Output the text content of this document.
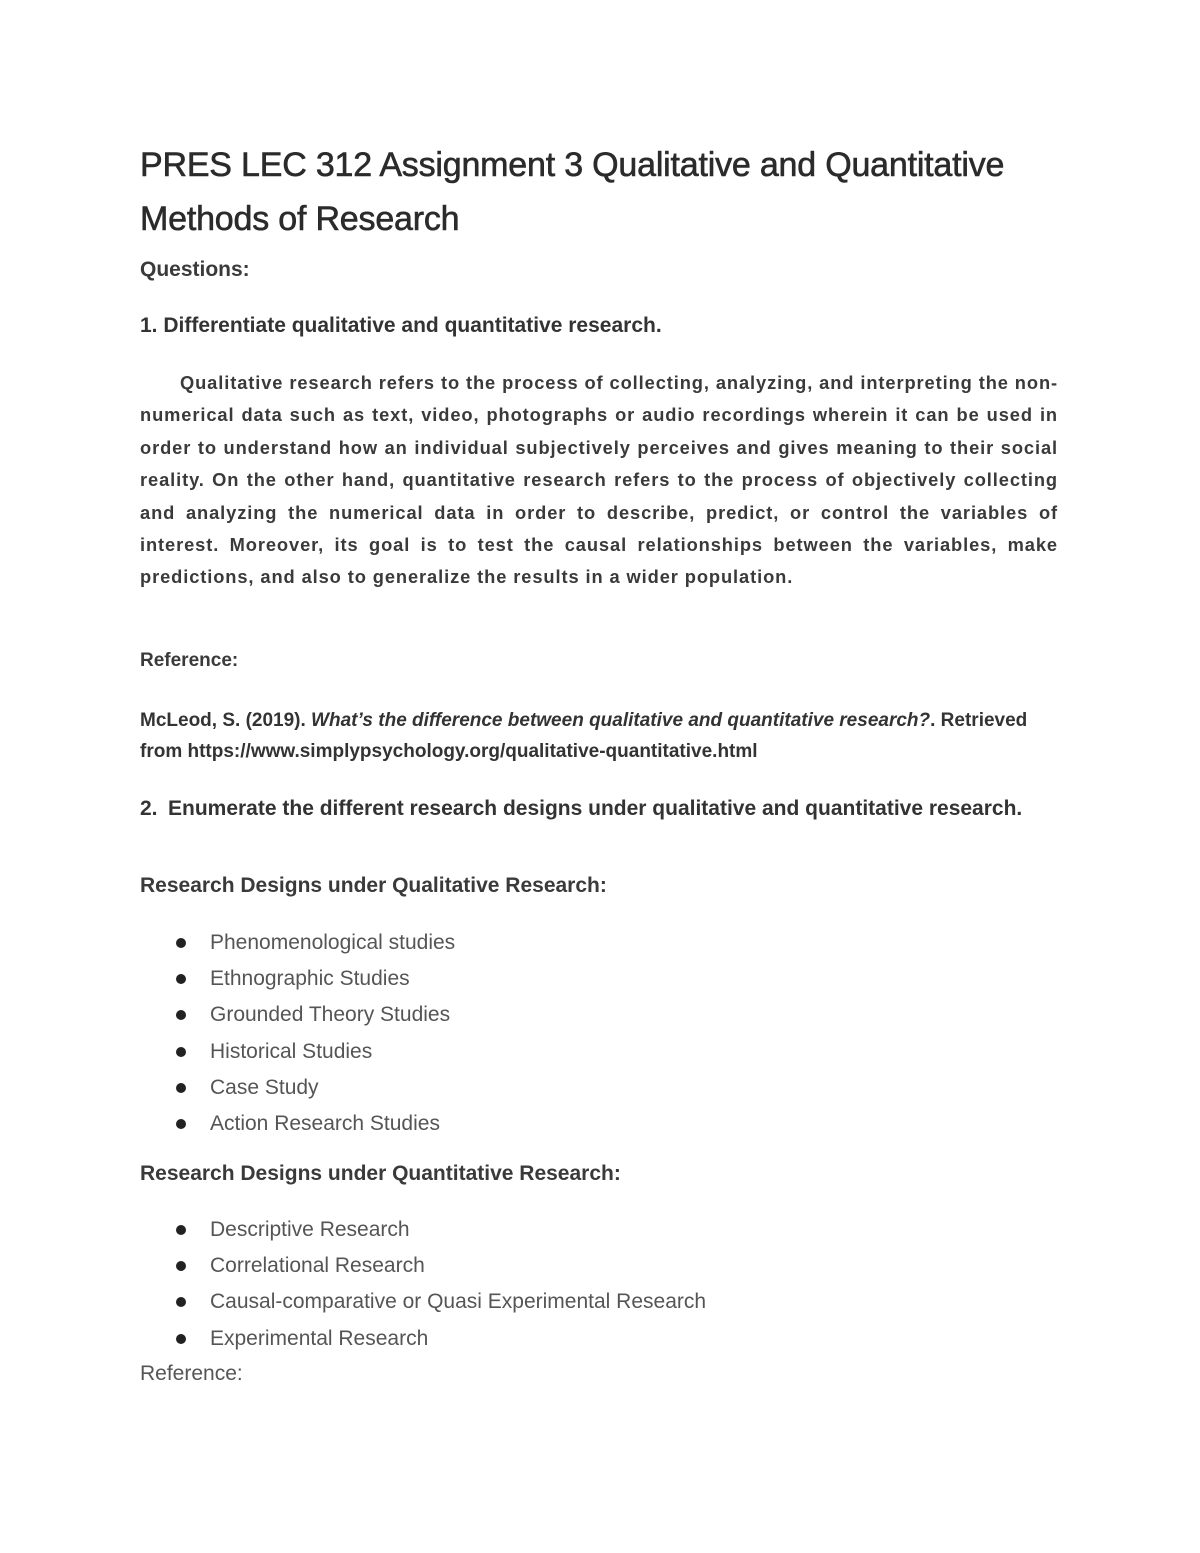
PRES LEC 312 Assignment 3 Qualitative and Quantitative Methods of Research

Questions:

1. Differentiate qualitative and quantitative research.

Qualitative research refers to the process of collecting, analyzing, and interpreting the non-numerical data such as text, video, photographs or audio recordings wherein it can be used in order to understand how an individual subjectively perceives and gives meaning to their social reality. On the other hand, quantitative research refers to the process of objectively collecting and analyzing the numerical data in order to describe, predict, or control the variables of interest. Moreover, its goal is to test the causal relationships between the variables, make predictions, and also to generalize the results in a wider population.

Reference:

McLeod, S. (2019). What’s the difference between qualitative and quantitative research?. Retrieved from https://www.simplypsychology.org/qualitative-quantitative.html

2. Enumerate the different research designs under qualitative and quantitative research.

Research Designs under Qualitative Research:

Phenomenological studies
Ethnographic Studies
Grounded Theory Studies
Historical Studies
Case Study
Action Research Studies

Research Designs under Quantitative Research:

Descriptive Research
Correlational Research
Causal-comparative or Quasi Experimental Research
Experimental Research

Reference:
